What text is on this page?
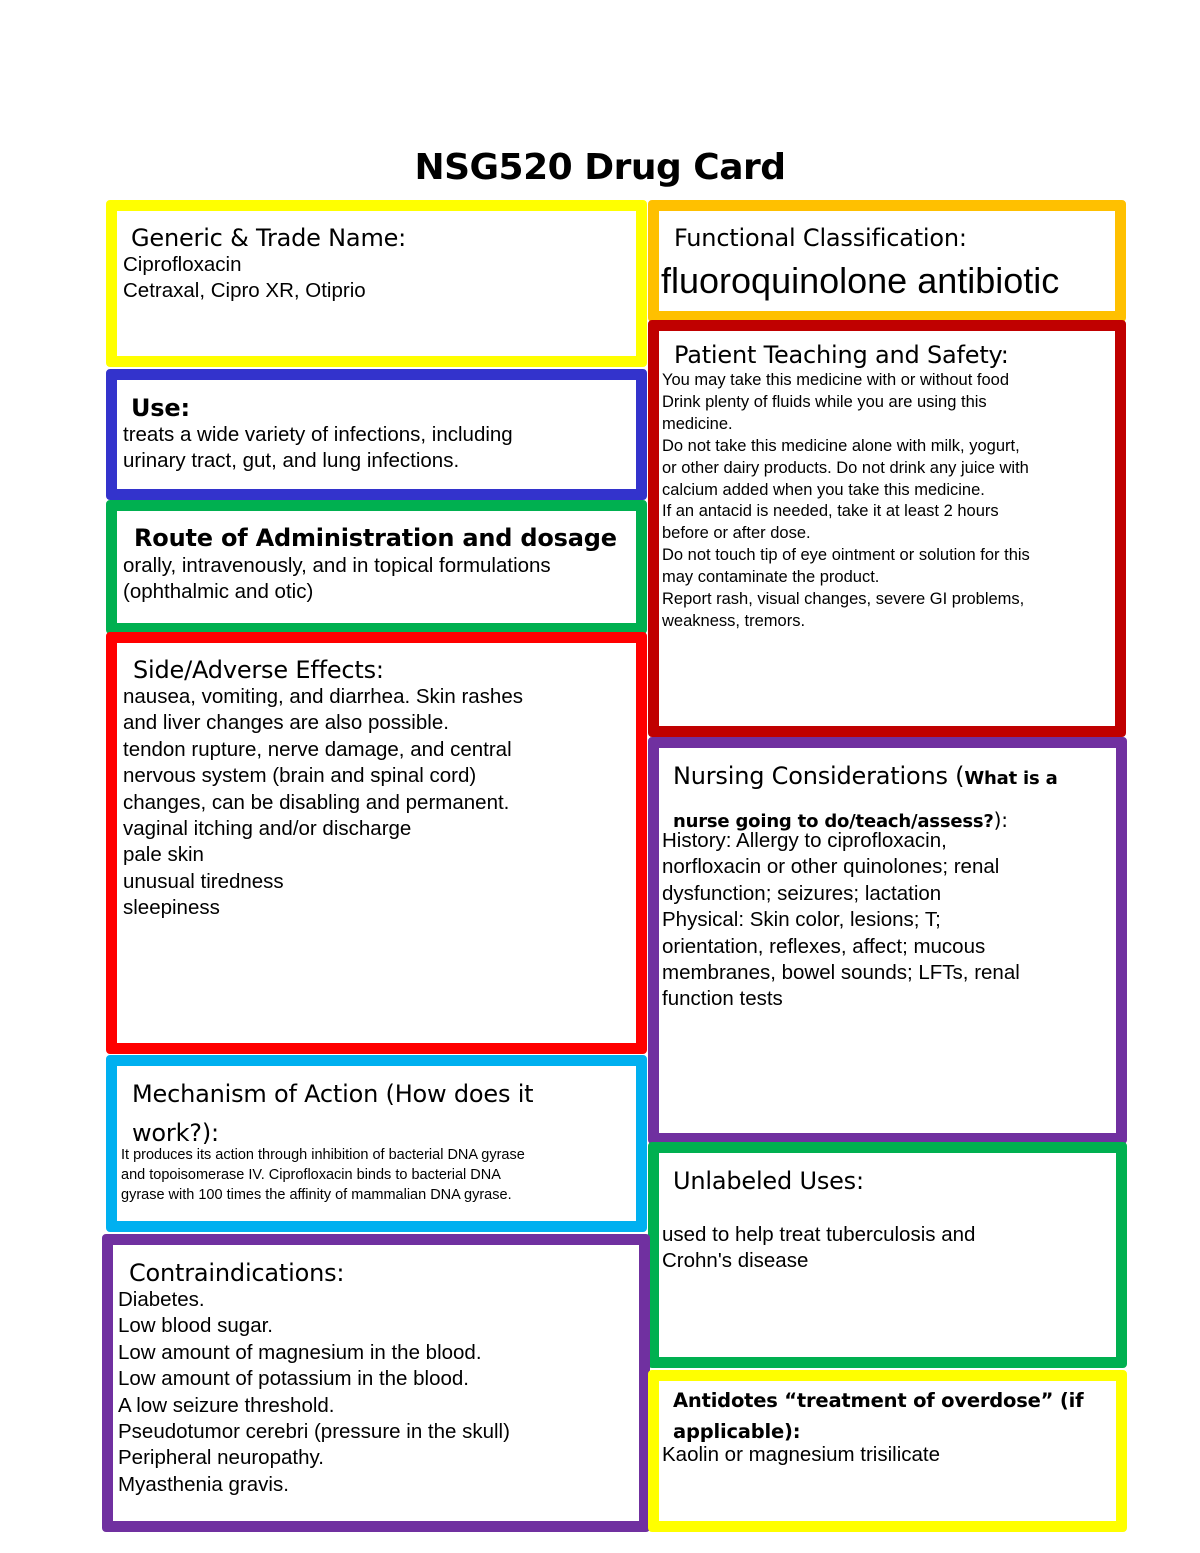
NSG520 Drug Card
Generic & Trade Name:
Ciprofloxacin
Cetraxal, Cipro XR, Otiprio
Functional Classification:
fluoroquinolone antibiotic
Use:
treats a wide variety of infections, including
urinary tract, gut, and lung infections.
Patient Teaching and Safety:
You may take this medicine with or without food
Drink plenty of fluids while you are using this
medicine.
Do not take this medicine alone with milk, yogurt,
or other dairy products. Do not drink any juice with
calcium added when you take this medicine.
If an antacid is needed, take it at least 2 hours
before or after dose.
Do not touch tip of eye ointment or solution for this
may contaminate the product.
Report rash, visual changes, severe GI problems,
weakness, tremors.
Route of Administration and dosage
orally, intravenously, and in topical formulations
(ophthalmic and otic)
Side/Adverse Effects:
nausea, vomiting, and diarrhea. Skin rashes
and liver changes are also possible.
tendon rupture, nerve damage, and central
nervous system (brain and spinal cord)
changes, can be disabling and permanent.
vaginal itching and/or discharge
pale skin
unusual tiredness
sleepiness
Nursing Considerations (What is a
nurse going to do/teach/assess?):
History: Allergy to ciprofloxacin,
norfloxacin or other quinolones; renal
dysfunction; seizures; lactation
Physical: Skin color, lesions; T;
orientation, reflexes, affect; mucous
membranes, bowel sounds; LFTs, renal
function tests
Mechanism of Action (How does it
work?):
It produces its action through inhibition of bacterial DNA gyrase
and topoisomerase IV. Ciprofloxacin binds to bacterial DNA
gyrase with 100 times the affinity of mammalian DNA gyrase.	Unlabeled Uses:
used to help treat tuberculosis and
Crohn's disease
Contraindications:
Diabetes.
Low blood sugar.
Low amount of magnesium in the blood.
Low amount of potassium in the blood.
A low seizure threshold.
Pseudotumor cerebri (pressure in the skull)
Peripheral neuropathy.
Myasthenia gravis.
Antidotes “treatment of overdose” (if
applicable):
Kaolin or magnesium trisilicate
